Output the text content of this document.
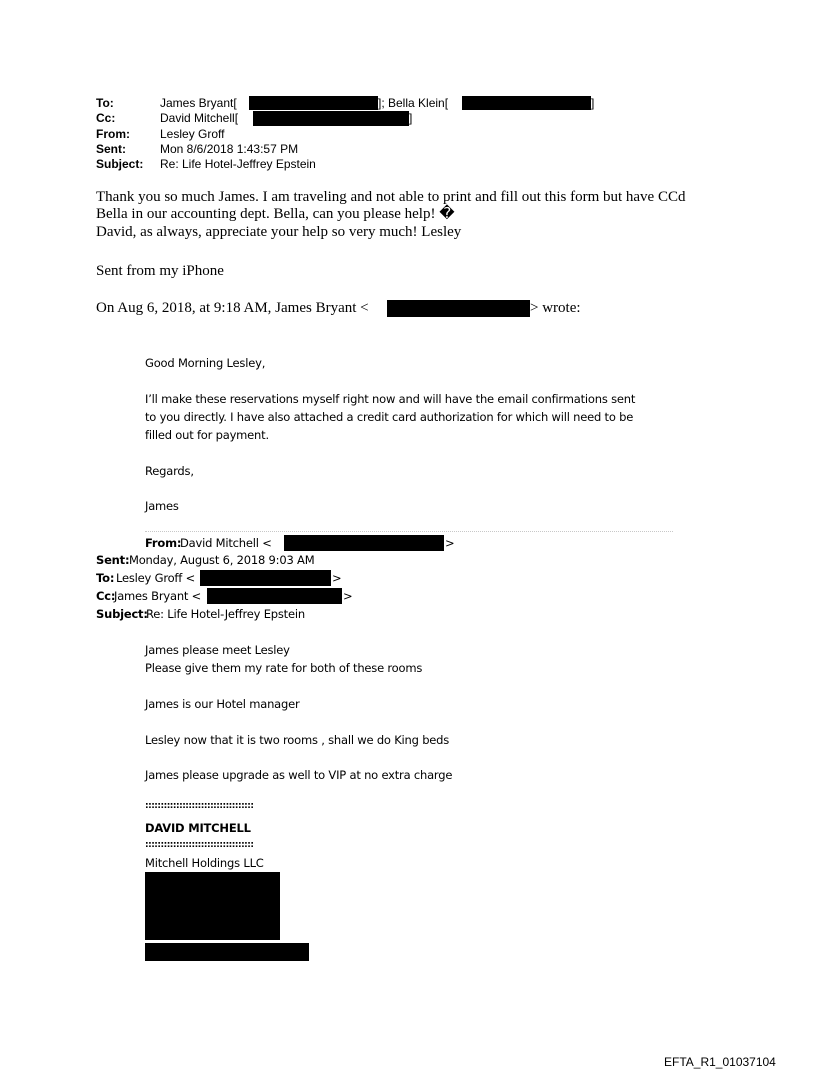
To:	James Bryant[	]; Bella Klein[	]
Cc:	David Mitchell[	]
From:	Lesley Groff
Sent:	Mon 8/6/2018 1:43:57 PM
Subject: Re: Life Hotel-Jeffrey Epstein
Thank you so much James. I am traveling and not able to print and fill out this form but have CCd
Bella in our accounting dept. Bella, can you please help! �
David, as always, appreciate your help so very much! Lesley
Sent from my iPhone
On Aug 6, 2018, at 9:18 AM, James Bryant <	> wrote:
Good Morning Lesley,
I’ll make these reservations myself right now and will have the email confirmations sent
to you directly. I have also attached a credit card authorization for which will need to be
filled out for payment.
Regards,
James
From:
David Mitchell <	>
Sent: Monday, August 6, 2018 9:03 AM
To: Lesley Groff <	>
Cc:
James Bryant <	>
Subject:
Re: Life Hotel-Jeffrey Epstein
James please meet Lesley
Please give them my rate for both of these rooms
James is our Hotel manager
Lesley now that it is two rooms , shall we do King beds
James please upgrade as well to VIP at no extra charge
:::::::::::::::::::::::::::::::::::
DAVID MITCHELL
:::::::::::::::::::::::::::::::::::
Mitchell Holdings LLC
EFTA_R1_01037104
